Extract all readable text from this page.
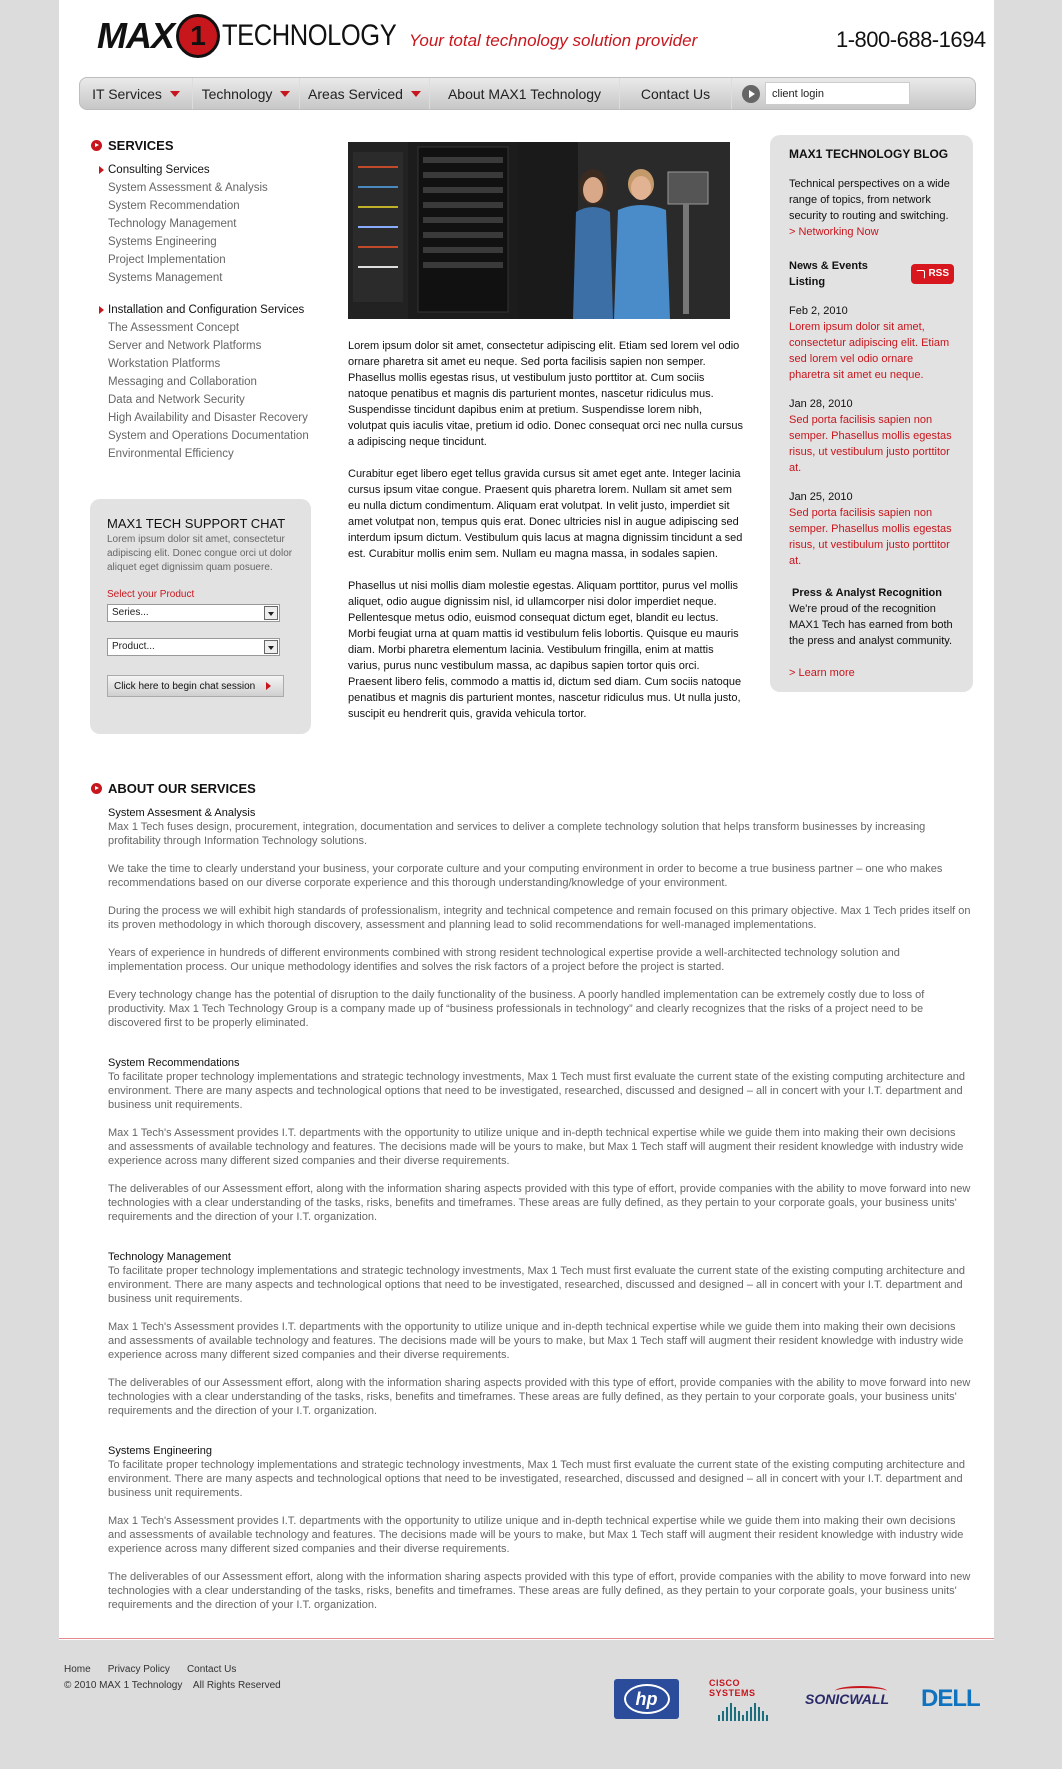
MAX 1 TECHNOLOGY Your total technology solution provider	1-800-688-1694
IT Services	Technology	Areas Serviced	About MAX1 Technology	Contact Us
client login
SERVICES
Consulting Services
System Assessment & Analysis
System Recommendation
Technology Management
Systems Engineering
Project Implementation
Systems Management
Installation and Configuration Services
The Assessment Concept
Server and Network Platforms
Workstation Platforms
Messaging and Collaboration
Data and Network Security
High Availability and Disaster Recovery
System and Operations Documentation
Environmental Efficiency
MAX1 TECH SUPPORT CHAT

Lorem ipsum dolor sit amet, consectetur adipiscing elit. Donec congue orci ut dolor aliquet eget dignissim quam posuere.

Select your Product
Series...
Product...
Click here to begin chat session

Lorem ipsum dolor sit amet, consectetur adipiscing elit. Etiam sed lorem vel odio ornare pharetra sit amet eu neque. Sed porta facilisis sapien non semper. Phasellus mollis egestas risus, ut vestibulum justo porttitor at. Cum sociis natoque penatibus et magnis dis parturient montes, nascetur ridiculus mus. Suspendisse tincidunt dapibus enim at pretium. Suspendisse lorem nibh, volutpat quis iaculis vitae, pretium id odio. Donec consequat orci nec nulla cursus a adipiscing neque tincidunt.

Curabitur eget libero eget tellus gravida cursus sit amet eget ante. Integer lacinia cursus ipsum vitae congue. Praesent quis pharetra lorem. Nullam sit amet sem eu nulla dictum condimentum. Aliquam erat volutpat. In velit justo, imperdiet sit amet volutpat non, tempus quis erat. Donec ultricies nisl in augue adipiscing sed interdum ipsum dictum. Vestibulum quis lacus at magna dignissim tincidunt a sed est. Curabitur mollis enim sem. Nullam eu magna massa, in sodales sapien.

Phasellus ut nisi mollis diam molestie egestas. Aliquam porttitor, purus vel mollis aliquet, odio augue dignissim nisl, id ullamcorper nisi dolor imperdiet neque. Pellentesque metus odio, euismod consequat dictum eget, blandit eu lectus. Morbi feugiat urna at quam mattis id vestibulum felis lobortis. Quisque eu mauris diam. Morbi pharetra elementum lacinia. Vestibulum fringilla, enim at mattis varius, purus nunc vestibulum massa, ac dapibus sapien tortor quis orci. Praesent libero felis, commodo a mattis id, dictum sed diam. Cum sociis natoque penatibus et magnis dis parturient montes, nascetur ridiculus mus. Ut nulla justo, suscipit eu hendrerit quis, gravida vehicula tortor.

MAX1 TECHNOLOGY BLOG
Technical perspectives on a wide range of topics, from network security to routing and switching.
> Networking Now
News & Events Listing
RSS
Feb 2, 2010
Lorem ipsum dolor sit amet, consectetur adipiscing elit. Etiam sed lorem vel odio ornare pharetra sit amet eu neque.
Jan 28, 2010
Sed porta facilisis sapien non semper. Phasellus mollis egestas risus, ut vestibulum justo porttitor at.
Jan 25, 2010
Sed porta facilisis sapien non semper. Phasellus mollis egestas risus, ut vestibulum justo porttitor at.
Press & Analyst Recognition
We're proud of the recognition MAX1 Tech has earned from both the press and analyst community.
> Learn more
ABOUT OUR SERVICES
System Assesment & Analysis

Max 1 Tech fuses design, procurement, integration, documentation and services to deliver a complete technology solution that helps transform businesses by increasing profitability through Information Technology solutions.

We take the time to clearly understand your business, your corporate culture and your computing environment in order to become a true business partner – one who makes recommendations based on our diverse corporate experience and this thorough understanding/knowledge of your environment.

During the process we will exhibit high standards of professionalism, integrity and technical competence and remain focused on this primary objective. Max 1 Tech prides itself on its proven methodology in which thorough discovery, assessment and planning lead to solid recommendations for well-managed implementations.

Years of experience in hundreds of different environments combined with strong resident technological expertise provide a well-architected technology solution and implementation process. Our unique methodology identifies and solves the risk factors of a project before the project is started.

Every technology change has the potential of disruption to the daily functionality of the business. A poorly handled implementation can be extremely costly due to loss of productivity. Max 1 Tech Technology Group is a company made up of “business professionals in technology” and clearly recognizes that the risks of a project need to be discovered first to be properly eliminated.

System Recommendations

To facilitate proper technology implementations and strategic technology investments, Max 1 Tech must first evaluate the current state of the existing computing architecture and environment. There are many aspects and technological options that need to be investigated, researched, discussed and designed – all in concert with your I.T. department and business unit requirements.

Max 1 Tech's Assessment provides I.T. departments with the opportunity to utilize unique and in-depth technical expertise while we guide them into making their own decisions and assessments of available technology and features. The decisions made will be yours to make, but Max 1 Tech staff will augment their resident knowledge with industry wide experience across many different sized companies and their diverse requirements.

The deliverables of our Assessment effort, along with the information sharing aspects provided with this type of effort, provide companies with the ability to move forward into new technologies with a clear understanding of the tasks, risks, benefits and timeframes. These areas are fully defined, as they pertain to your corporate goals, your business units' requirements and the direction of your I.T. organization.

Technology Management

To facilitate proper technology implementations and strategic technology investments, Max 1 Tech must first evaluate the current state of the existing computing architecture and environment. There are many aspects and technological options that need to be investigated, researched, discussed and designed – all in concert with your I.T. department and business unit requirements.

Max 1 Tech's Assessment provides I.T. departments with the opportunity to utilize unique and in-depth technical expertise while we guide them into making their own decisions and assessments of available technology and features. The decisions made will be yours to make, but Max 1 Tech staff will augment their resident knowledge with industry wide experience across many different sized companies and their diverse requirements.

The deliverables of our Assessment effort, along with the information sharing aspects provided with this type of effort, provide companies with the ability to move forward into new technologies with a clear understanding of the tasks, risks, benefits and timeframes. These areas are fully defined, as they pertain to your corporate goals, your business units' requirements and the direction of your I.T. organization.

Systems Engineering

To facilitate proper technology implementations and strategic technology investments, Max 1 Tech must first evaluate the current state of the existing computing architecture and environment. There are many aspects and technological options that need to be investigated, researched, discussed and designed – all in concert with your I.T. department and business unit requirements.

Max 1 Tech's Assessment provides I.T. departments with the opportunity to utilize unique and in-depth technical expertise while we guide them into making their own decisions and assessments of available technology and features. The decisions made will be yours to make, but Max 1 Tech staff will augment their resident knowledge with industry wide experience across many different sized companies and their diverse requirements.

The deliverables of our Assessment effort, along with the information sharing aspects provided with this type of effort, provide companies with the ability to move forward into new technologies with a clear understanding of the tasks, risks, benefits and timeframes. These areas are fully defined, as they pertain to your corporate goals, your business units' requirements and the direction of your I.T. organization.

Home Privacy Policy Contact Us
© 2010 MAX 1 Technology    All Rights Reserved
hp
CISCO SYSTEMS	SONICWALL DELL
